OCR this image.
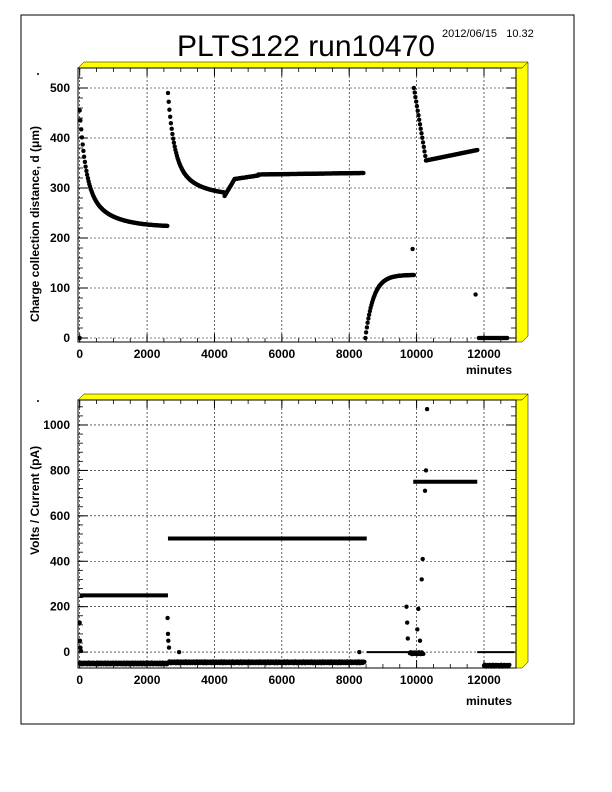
0	2000	4000	6000	8000	10000	12000
0
100
200
300
400
500
0	2000	4000	6000	8000	10000	12000
0
200
400
600
800
1000
minutes
minutes
Charge collection distance, d (μm)
Volts / Current (pA)
PLTS122 run10470 2012/06/15   10.32
